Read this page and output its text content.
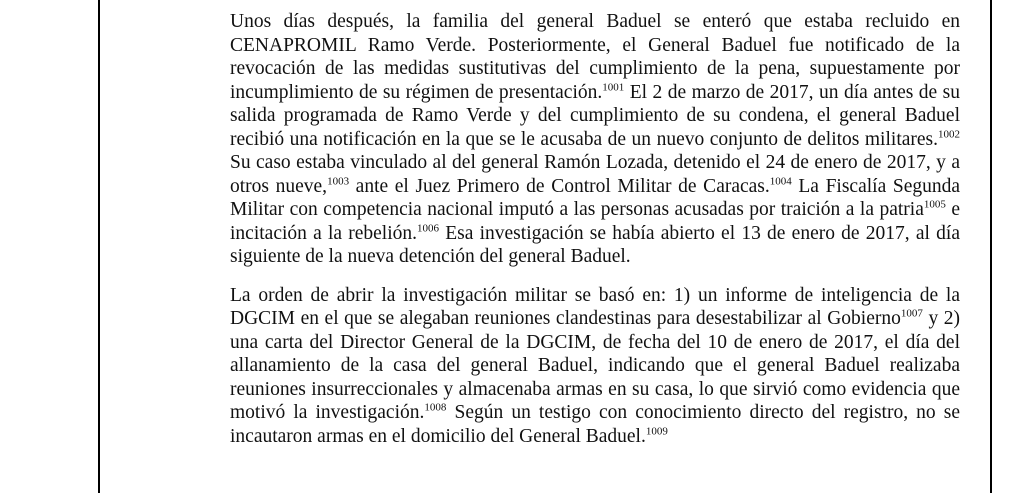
Unos días después, la familia del general Baduel se enteró que estaba recluido en CENAPROMIL Ramo Verde. Posteriormente, el General Baduel fue notificado de la revocación de las medidas sustitutivas del cumplimiento de la pena, supuestamente por incumplimiento de su régimen de presentación.$^{1001}$ El 2 de marzo de 2017, un día antes de su salida programada de Ramo Verde y del cumplimiento de su condena, el general Baduel recibió una notificación en la que se le acusaba de un nuevo conjunto de delitos militares.$^{1002}$ Su caso estaba vinculado al del general Ramón Lozada, detenido el 24 de enero de 2017, y a otros nueve,$^{1003}$ ante el Juez Primero de Control Militar de Caracas.$^{1004}$ La Fiscalía Segunda Militar con competencia nacional imputó a las personas acusadas por traición a la patria$^{1005}$ e incitación a la rebelión.$^{1006}$ Esa investigación se había abierto el 13 de enero de 2017, al día siguiente de la nueva detención del general Baduel.

La orden de abrir la investigación militar se basó en: 1) un informe de inteligencia de la DGCIM en el que se alegaban reuniones clandestinas para desestabilizar al Gobierno$^{1007}$ y 2) una carta del Director General de la DGCIM, de fecha del 10 de enero de 2017, el día del allanamiento de la casa del general Baduel, indicando que el general Baduel realizaba reuniones insurreccionales y almacenaba armas en su casa, lo que sirvió como evidencia que motivó la investigación.$^{1008}$ Según un testigo con conocimiento directo del registro, no se incautaron armas en el domicilio del General Baduel.$^{1009}$
